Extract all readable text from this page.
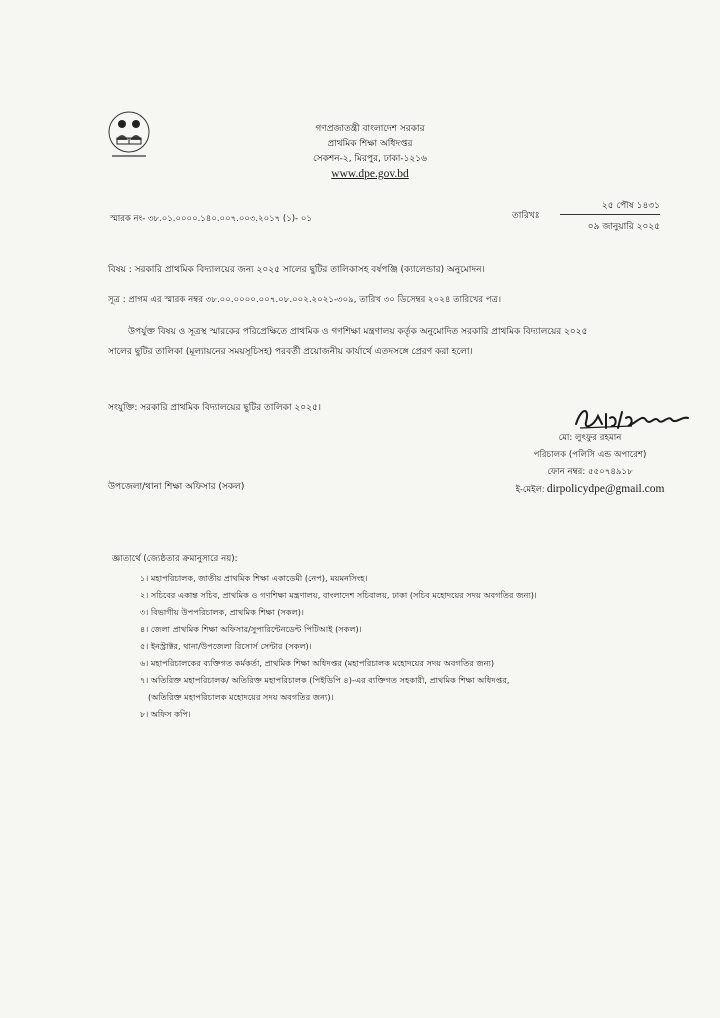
গণপ্রজাতন্ত্রী বাংলাদেশ সরকার
প্রাথমিক শিক্ষা অধিদপ্তর
সেকশন-২, মিরপুর, ঢাকা-১২১৬
www.dpe.gov.bd
স্মারক নং- ৩৮.০১.০০০০.১৪০.০০৭.০০৩.২০১৭ (১)- ০১	তারিখঃ
২৫ পৌষ ১৪৩১
০৯ জানুয়ারি ২০২৫
বিষয় : সরকারি প্রাথমিক বিদ্যালয়ের জন্য ২০২৫ সালের ছুটির তালিকাসহ বর্ষপঞ্জি (ক্যালেন্ডার) অনুমোদন।
সূত্র : প্রাগম এর স্মারক নম্বর ৩৮.০০.০০০০.০০৭.০৮.০০২.২০২১-৩০৯, তারিখ ৩০ ডিসেম্বর ২০২৪ তারিখের পত্র।
উপর্যুক্ত বিষয় ও সূত্রস্থ স্মারকের পরিপ্রেক্ষিতে প্রাথমিক ও গণশিক্ষা মন্ত্রণালয় কর্তৃক অনুমোদিত সরকারি প্রাথমিক বিদ্যালয়ের ২০২৫
সালের ছুটির তালিকা (মূল্যায়নের সময়সূচিসহ) পরবর্তী প্রয়োজনীয় কার্যার্থে এতদসঙ্গে প্রেরণ করা হলো।
সংযুক্তি: সরকারি প্রাথমিক বিদ্যালয়ের ছুটির তালিকা ২০২৫।
মো: লুৎফুর রহমান
পরিচালক (পলিসি এন্ড অপারেশ)
ফোন নম্বর: ৫৫০৭৪৯১৮
ই-মেইল: dirpolicydpe@gmail.com
উপজেলা/থানা শিক্ষা অফিসার (সকল)
জ্ঞাতার্থে (জ্যেষ্ঠতার ক্রমানুসারে নয়):
১। মহাপরিচালক, জাতীয় প্রাথমিক শিক্ষা একাডেমী (নেপ), ময়মনসিংহ।
২। সচিবের একান্ত সচিব, প্রাথমিক ও গণশিক্ষা মন্ত্রণালয়, বাংলাদেশ সচিবালয়, ঢাকা (সচিব মহোদয়ের সদয় অবগতির জন্য)।
৩। বিভাগীয় উপপরিচালক, প্রাথমিক শিক্ষা (সকল)।
৪। জেলা প্রাথমিক শিক্ষা অফিসার/সুপারিন্টেনডেন্ট পিটিআই (সকল)।
৫। ইনস্ট্রাক্টর, থানা/উপজেলা রিসোর্স সেন্টার (সকল)।
৬। মহাপরিচালকের ব্যক্তিগত কর্মকর্তা, প্রাথমিক শিক্ষা অধিদপ্তর (মহাপরিচালক মহোদয়ের সদয় অবগতির জন্য)
৭। অতিরিক্ত মহাপরিচালক/ অতিরিক্ত মহাপরিচালক (পিইডিপি ৪)-এর ব্যক্তিগত সহকারী, প্রাথমিক শিক্ষা অধিদপ্তর,
(অতিরিক্ত মহাপরিচালক মহোদয়ের সদয় অবগতির জন্য)।
৮। অফিস কপি।
